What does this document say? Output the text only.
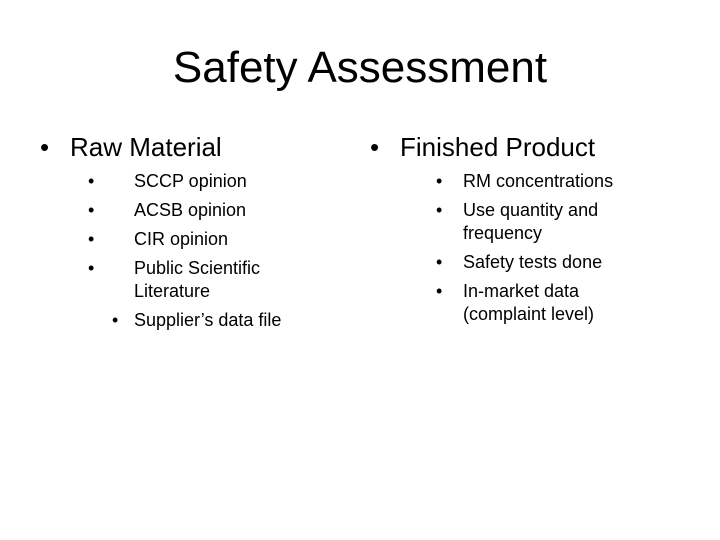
Safety Assessment
• Raw Material
• SCCP opinion
• ACSB opinion
• CIR opinion
• Public Scientific Literature
• Supplier’s data file
• Finished Product
• RM concentrations
• Use quantity and frequency
• Safety tests done
• In-market data (complaint level)
